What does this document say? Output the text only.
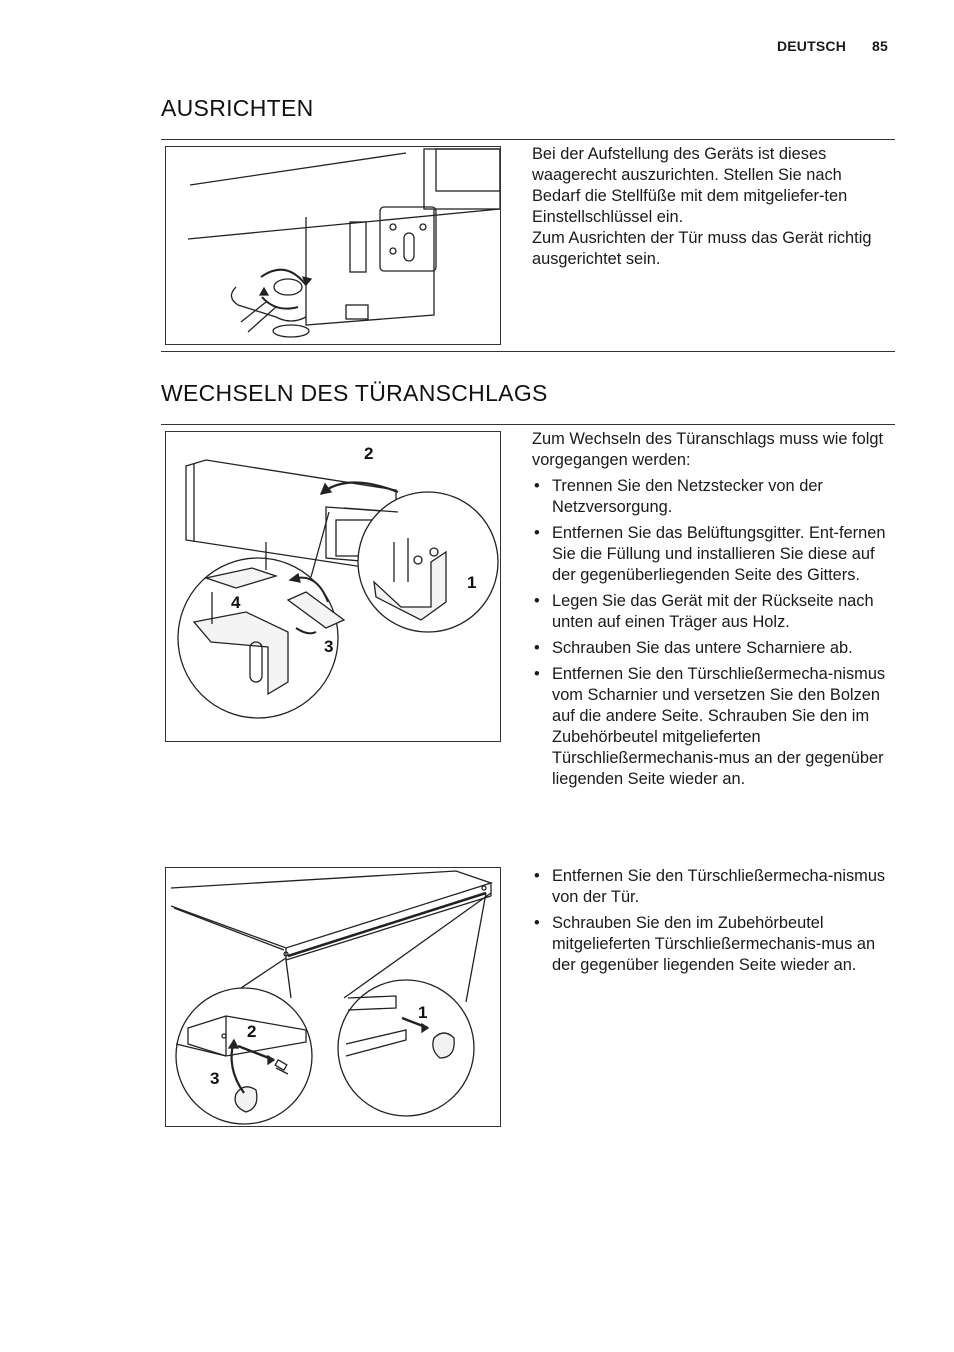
DEUTSCH 85
AUSRICHTEN

Bei der Aufstellung des Geräts ist dieses waagerecht auszurichten. Stellen Sie nach Bedarf die Stellfüße mit dem mitgeliefer-ten Einstellschlüssel ein.

Zum Ausrichten der Tür muss das Gerät richtig ausgerichtet sein.

WECHSELN DES TÜRANSCHLAGS
2
1
3
4

Zum Wechseln des Türanschlags muss wie folgt vorgegangen werden:

• Trennen Sie den Netzstecker von der Netzversorgung.
• Entfernen Sie das Belüftungsgitter. Ent-fernen Sie die Füllung und installieren Sie diese auf der gegenüberliegenden Seite des Gitters.
• Legen Sie das Gerät mit der Rückseite nach unten auf einen Träger aus Holz.
• Schrauben Sie das untere Scharniere ab.
• Entfernen Sie den Türschließermecha-nismus vom Scharnier und versetzen Sie den Bolzen auf die andere Seite. Schrauben Sie den im Zubehörbeutel mitgelieferten Türschließermechanis-mus an der gegenüber liegenden Seite wieder an.
2
3
1
• Entfernen Sie den Türschließermecha-nismus von der Tür.
• Schrauben Sie den im Zubehörbeutel mitgelieferten Türschließermechanis-mus an der gegenüber liegenden Seite wieder an.
